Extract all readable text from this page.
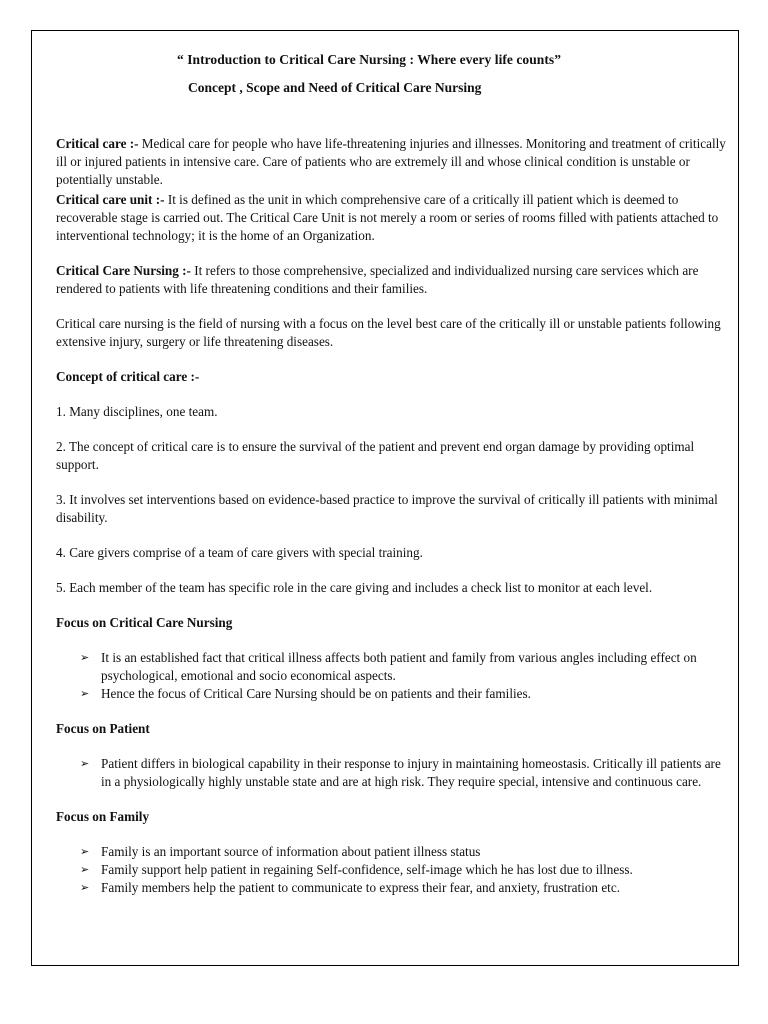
“ Introduction to Critical Care Nursing : Where every life counts”
Concept , Scope and Need of Critical Care Nursing

Critical care :- Medical care for people who have life-threatening injuries and illnesses. Monitoring and treatment of critically ill or injured patients in intensive care. Care of patients who are extremely ill and whose clinical condition is unstable or potentially unstable.

Critical care unit :- It is defined as the unit in which comprehensive care of a critically ill patient which is deemed to recoverable stage is carried out. The Critical Care Unit is not merely a room or series of rooms filled with patients attached to interventional technology; it is the home of an Organization.

Critical Care Nursing :- It refers to those comprehensive, specialized and individualized nursing care services which are rendered to patients with life threatening conditions and their families.

Critical care nursing is the field of nursing with a focus on the level best care of the critically ill or unstable patients following extensive injury, surgery or life threatening diseases.

Concept of critical care :-

1. Many disciplines, one team.

2. The concept of critical care is to ensure the survival of the patient and prevent end organ damage by providing optimal support.

3. It involves set interventions based on evidence-based practice to improve the survival of critically ill patients with minimal disability.

4. Care givers comprise of a team of care givers with special training.

5. Each member of the team has specific role in the care giving and includes a check list to monitor at each level.

Focus on Critical Care Nursing

➢ It is an established fact that critical illness affects both patient and family from various angles including effect on psychological, emotional and socio economical aspects.
➢ Hence the focus of Critical Care Nursing should be on patients and their families.

Focus on Patient

➢ Patient differs in biological capability in their response to injury in maintaining homeostasis. Critically ill patients are in a physiologically highly unstable state and are at high risk. They require special, intensive and continuous care.

Focus on Family

➢ Family is an important source of information about patient illness status
➢ Family support help patient in regaining Self-confidence, self-image which he has lost due to illness.
➢ Family members help the patient to communicate to express their fear, and anxiety, frustration etc.
